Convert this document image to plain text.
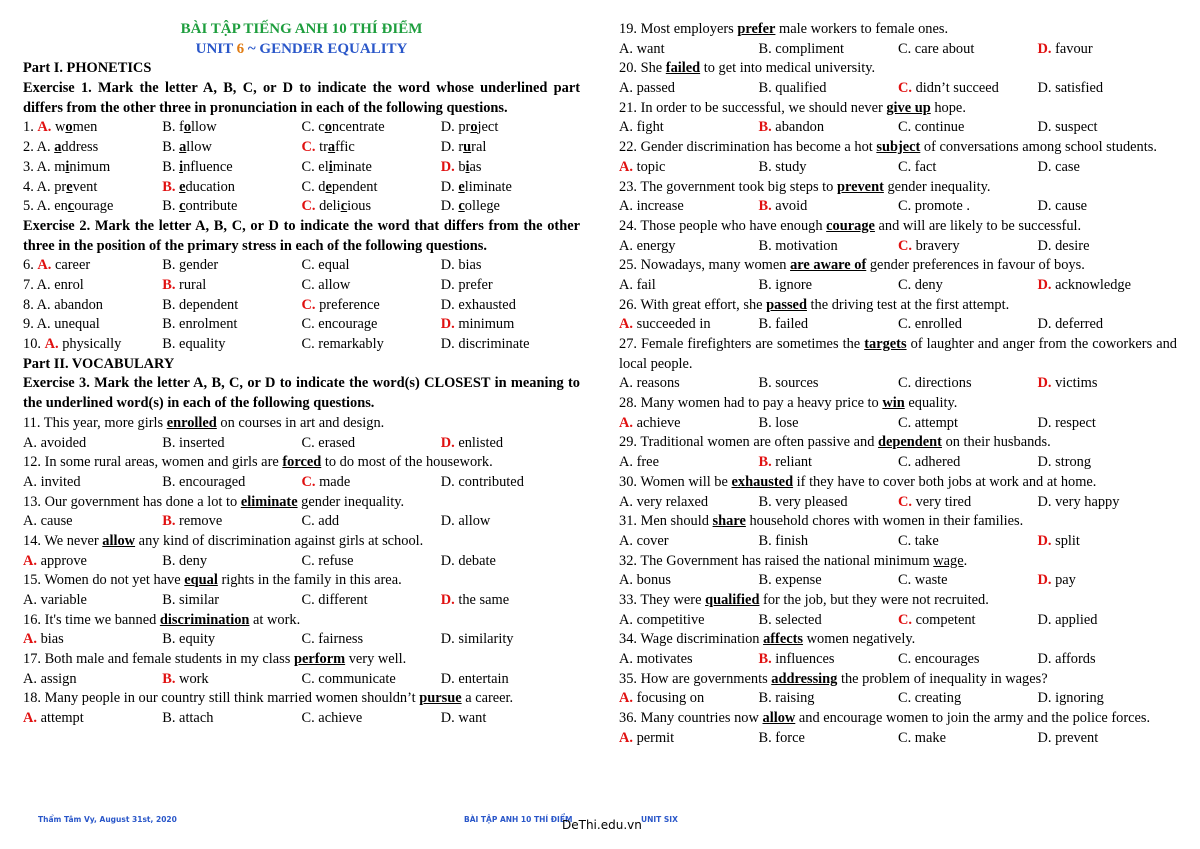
BÀI TẬP TIẾNG ANH 10 THÍ ĐIỂM
UNIT 6 ~ GENDER EQUALITY
Part I. PHONETICS
Exercise 1. Mark the letter A, B, C, or D to indicate the word whose underlined part differs from the other three in pronunciation in each of the following questions.
1. A. women	B. follow	C. concentrate	D. project
2. A. address	B. allow	C. traffic	D. rural
3. A. minimum	B. influence	C. eliminate	D. bias
4. A. prevent	B. education	C. dependent	D. eliminate
5. A. encourage	B. contribute	C. delicious	D. college
Exercise 2. Mark the letter A, B, C, or D to indicate the word that differs from the other three in the position of the primary stress in each of the following questions.
6. A. career	B. gender	C. equal	D. bias
7. A. enrol	B. rural	C. allow	D. prefer
8. A. abandon	B. dependent	C. preference	D. exhausted
9. A. unequal	B. enrolment	C. encourage	D. minimum
10. A. physically	B. equality	C. remarkably	D. discriminate
Part II. VOCABULARY
Exercise 3. Mark the letter A, B, C, or D to indicate the word(s) CLOSEST in meaning to the underlined word(s) in each of the following questions.
11. This year, more girls enrolled on courses in art and design.
A. avoided	B. inserted	C. erased	D. enlisted
12. In some rural areas, women and girls are forced to do most of the housework.
A. invited	B. encouraged	C. made	D. contributed
13. Our government has done a lot to eliminate gender inequality.
A. cause	B. remove	C. add	D. allow
14. We never allow any kind of discrimination against girls at school.
A. approve	B. deny	C. refuse	D. debate
15. Women do not yet have equal rights in the family in this area.
A. variable	B. similar	C. different	D. the same
16. It's time we banned discrimination at work.
A. bias	B. equity	C. fairness	D. similarity
17. Both male and female students in my class perform very well.
A. assign	B. work	C. communicate	D. entertain
18. Many people in our country still think married women shouldn’t pursue a career.
A. attempt	B. attach	C. achieve	D. want
19. Most employers prefer male workers to female ones.
A. want	B. compliment	C. care about	D. favour
20. She failed to get into medical university.
A. passed	B. qualified	C. didn’t succeed	D. satisfied
21. In order to be successful, we should never give up hope.
A. fight	B. abandon	C. continue	D. suspect
22. Gender discrimination has become a hot subject of conversations among school students.
A. topic	B. study	C. fact	D. case
23. The government took big steps to prevent gender inequality.
A. increase	B. avoid	C. promote .	D. cause
24. Those people who have enough courage and will are likely to be successful.
A. energy	B. motivation	C. bravery	D. desire
25. Nowadays, many women are aware of gender preferences in favour of boys.
A. fail	B. ignore	C. deny	D. acknowledge
26. With great effort, she passed the driving test at the first attempt.
A. succeeded in	B. failed	C. enrolled	D. deferred
27. Female firefighters are sometimes the targets of laughter and anger from the coworkers and local people.
A. reasons	B. sources	C. directions	D. victims
28. Many women had to pay a heavy price to win equality.
A. achieve	B. lose	C. attempt	D. respect
29. Traditional women are often passive and dependent on their husbands.
A. free	B. reliant	C. adhered	D. strong
30. Women will be exhausted if they have to cover both jobs at work and at home.
A. very relaxed	B. very pleased	C. very tired	D. very happy
31. Men should share household chores with women in their families.
A. cover	B. finish	C. take	D. split
32. The Government has raised the national minimum wage.
A. bonus	B. expense	C. waste	D. pay
33. They were qualified for the job, but they were not recruited.
A. competitive	B. selected	C. competent	D. applied
34. Wage discrimination affects women negatively.
A. motivates	B. influences	C. encourages	D. affords
35. How are governments addressing the problem of inequality in wages?
A. focusing on	B. raising	C. creating	D. ignoring
36. Many countries now allow and encourage women to join the army and the police forces.
A. permit	B. force	C. make	D. prevent
Thẩm Tâm Vy, August 31st, 2020	BÀI TẬP ANH 10 THÍ ĐIỂM	UNIT SIX
DeThi.edu.vn
